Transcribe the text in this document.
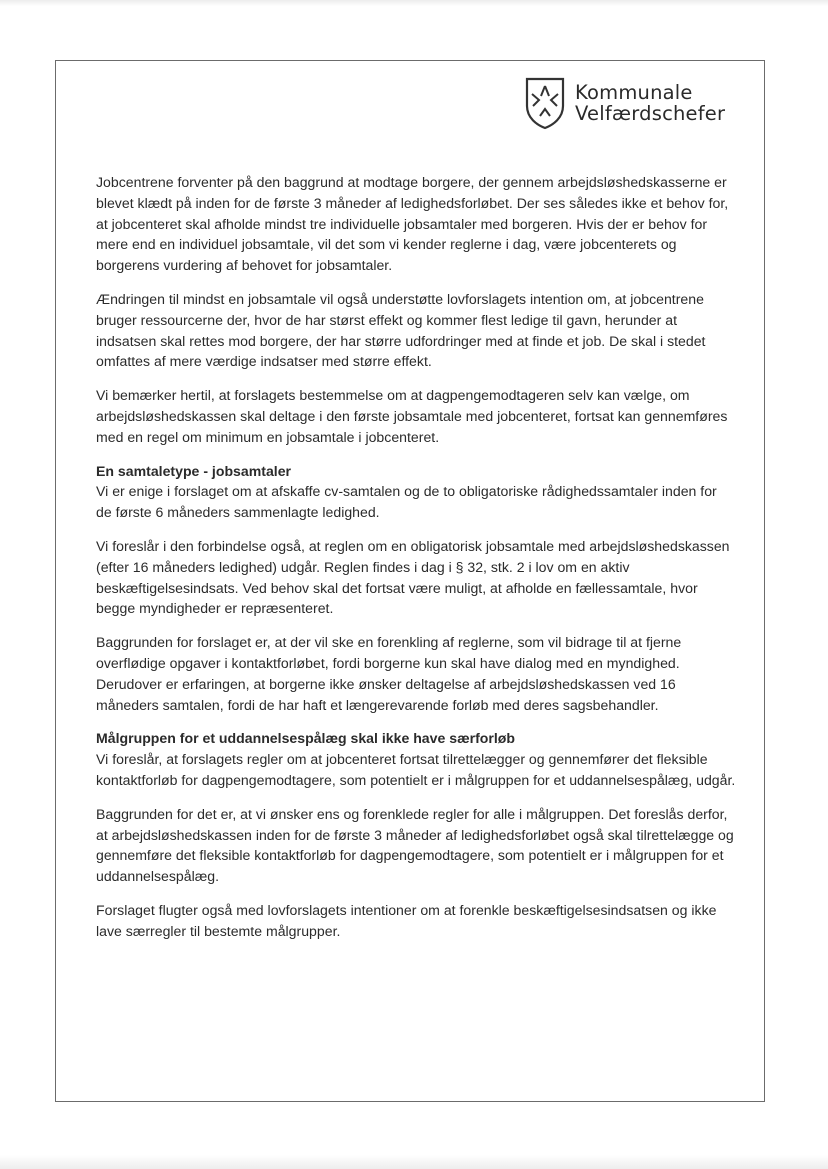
Kommunale
Velfærdschefer

Jobcentrene forventer på den baggrund at modtage borgere, der gennem arbejdsløshedskasserne er blevet klædt på inden for de første 3 måneder af ledighedsforløbet. Der ses således ikke et behov for, at jobcenteret skal afholde mindst tre individuelle jobsamtaler med borgeren. Hvis der er behov for mere end en individuel jobsamtale, vil det som vi kender reglerne i dag, være jobcenterets og borgerens vurdering af behovet for jobsamtaler.

Ændringen til mindst en jobsamtale vil også understøtte lovforslagets intention om, at jobcentrene bruger ressourcerne der, hvor de har størst effekt og kommer flest ledige til gavn, herunder at indsatsen skal rettes mod borgere, der har større udfordringer med at finde et job. De skal i stedet omfattes af mere værdige indsatser med større effekt.

Vi bemærker hertil, at forslagets bestemmelse om at dagpengemodtageren selv kan vælge, om arbejdsløshedskassen skal deltage i den første jobsamtale med jobcenteret, fortsat kan gennemføres med en regel om minimum en jobsamtale i jobcenteret.

En samtaletype - jobsamtaler

Vi er enige i forslaget om at afskaffe cv-samtalen og de to obligatoriske rådighedssamtaler inden for de første 6 måneders sammenlagte ledighed.

Vi foreslår i den forbindelse også, at reglen om en obligatorisk jobsamtale med arbejdsløshedskassen (efter 16 måneders ledighed) udgår. Reglen findes i dag i § 32, stk. 2 i lov om en aktiv beskæftigelsesindsats. Ved behov skal det fortsat være muligt, at afholde en fællessamtale, hvor begge myndigheder er repræsenteret.

Baggrunden for forslaget er, at der vil ske en forenkling af reglerne, som vil bidrage til at fjerne overflødige opgaver i kontaktforløbet, fordi borgerne kun skal have dialog med en myndighed. Derudover er erfaringen, at borgerne ikke ønsker deltagelse af arbejdsløshedskassen ved 16 måneders samtalen, fordi de har haft et længerevarende forløb med deres sagsbehandler.

Målgruppen for et uddannelsespålæg skal ikke have særforløb

Vi foreslår, at forslagets regler om at jobcenteret fortsat tilrettelægger og gennemfører det fleksible kontaktforløb for dagpengemodtagere, som potentielt er i målgruppen for et uddannelsespålæg, udgår.

Baggrunden for det er, at vi ønsker ens og forenklede regler for alle i målgruppen. Det foreslås derfor, at arbejdsløshedskassen inden for de første 3 måneder af ledighedsforløbet også skal tilrettelægge og gennemføre det fleksible kontaktforløb for dagpengemodtagere, som potentielt er i målgruppen for et uddannelsespålæg.

Forslaget flugter også med lovforslagets intentioner om at forenkle beskæftigelsesindsatsen og ikke lave særregler til bestemte målgrupper.
